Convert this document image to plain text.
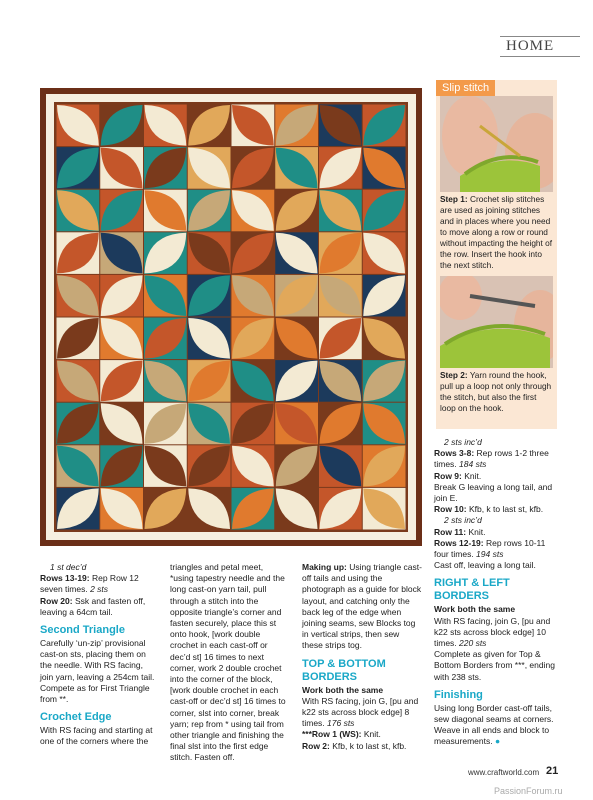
HOME
Slip stitch
Step 1: Crochet slip stitches are used as joining stitches and in places where you need to move along a row or round without impacting the height of the row. Insert the hook into the next stitch.
Step 2: Yarn round the hook, pull up a loop not only through the stitch, but also the first loop on the hook.

1 st dec’d

Rows 13-19: Rep Row 12 seven times. 2 sts

Row 20: Ssk and fasten off, leaving a 64cm tail.

Second Triangle

Carefully ‘un-zip’ provisional cast-on sts, placing them on the needle. With RS facing, join yarn, leaving a 254cm tail. Compete as for First Triangle from **.

Crochet Edge

With RS facing and starting at one of the corners where the

triangles and petal meet, *using tapestry needle and the long cast-on yarn tail, pull through a stitch into the opposite triangle’s corner and fasten securely, place this st onto hook, [work double crochet in each cast-off or dec’d st] 16 times to next corner, work 2 double crochet into the corner of the block, [work double crochet in each cast-off or dec’d st] 16 times to corner, slst into corner, break yarn; rep from * using tail from other triangle and finishing the final slst into the first edge stitch. Fasten off.

Making up: Using triangle cast-off tails and using the photograph as a guide for block layout, and catching only the back leg of the edge when joining seams, sew Blocks tog in vertical strips, then sew these strips tog.

TOP & BOTTOM BORDERS

Work both the same

With RS facing, join G, [pu and k22 sts across block edge] 8 times. 176 sts

***Row 1 (WS): Knit.

Row 2: Kfb, k to last st, kfb.

2 sts inc’d

Rows 3-8: Rep rows 1-2 three times. 184 sts

Row 9: Knit.

Break G leaving a long tail, and join E.

Row 10: Kfb, k to last st, kfb.

2 sts inc’d

Row 11: Knit.

Rows 12-19: Rep rows 10-11 four times. 194 sts

Cast off, leaving a long tail.

RIGHT & LEFT BORDERS

Work both the same

With RS facing, join G, [pu and k22 sts across block edge] 10 times. 220 sts

Complete as given for Top & Bottom Borders from ***, ending with 238 sts.

Finishing

Using long Border cast-off tails, sew diagonal seams at corners. Weave in all ends and block to measurements. ●

www.craftworld.com 21
PassionForum.ru
